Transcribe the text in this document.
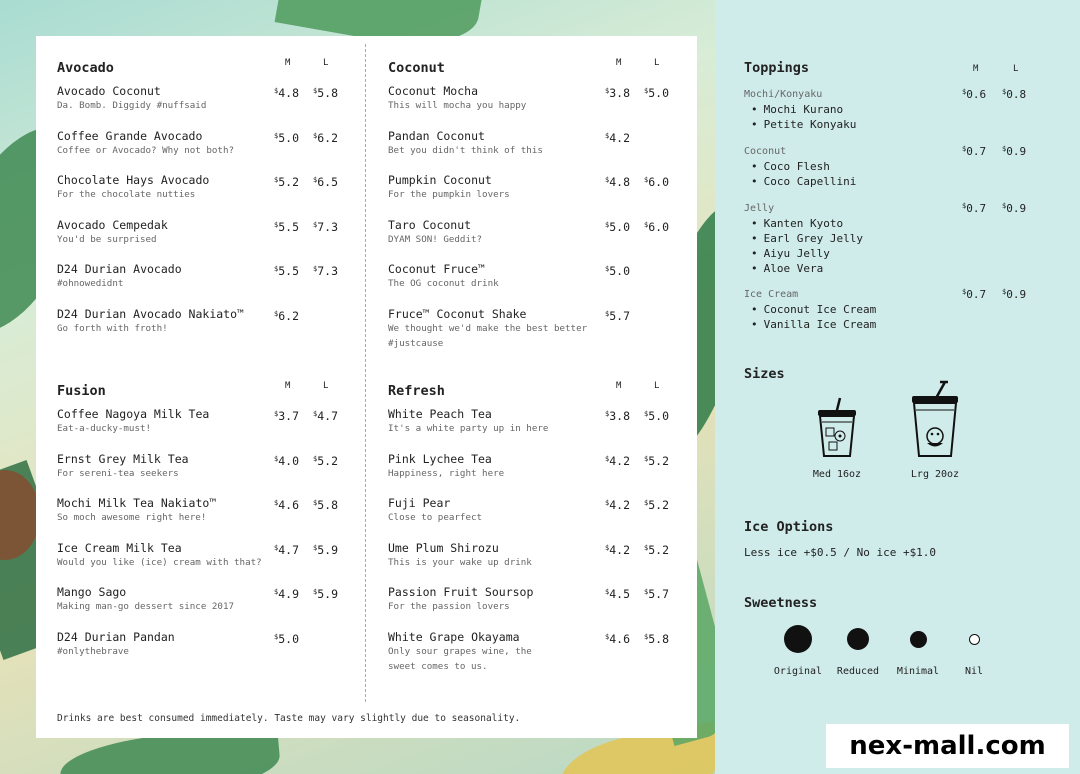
Avocado	M	L
Avocado Coconut
Da. Bomb. Diggidy #nuffsaid
$4.8 $5.8
Coffee Grande Avocado
Coffee or Avocado? Why not both?
$5.0 $6.2
Chocolate Hays Avocado
For the chocolate nutties
$5.2 $6.5
Avocado Cempedak
You'd be surprised
$5.5 $7.3
D24 Durian Avocado
#ohnowedidnt
$5.5 $7.3
D24 Durian Avocado Nakiato™
Go forth with froth!
$6.2
Coconut	M	L
Coconut Mocha
This will mocha you happy
$3.8 $5.0
Pandan Coconut
Bet you didn't think of this
$4.2
Pumpkin Coconut
For the pumpkin lovers
$4.8 $6.0
Taro Coconut
DYAM SON! Geddit?
$5.0 $6.0
Coconut Fruce™
The OG coconut drink
$5.0
Fruce™ Coconut Shake
We thought we'd make the best better
#justcause
$5.7
Fusion	M	L
Coffee Nagoya Milk Tea
Eat-a-ducky-must!
$3.7 $4.7
Ernst Grey Milk Tea
For sereni-tea seekers
$4.0 $5.2
Mochi Milk Tea Nakiato™
So moch awesome right here!
$4.6 $5.8
Ice Cream Milk Tea
Would you like (ice) cream with that?
$4.7 $5.9
Mango Sago
Making man-go dessert since 2017
$4.9 $5.9
D24 Durian Pandan
#onlythebrave
$5.0
Refresh	M	L
White Peach Tea
It's a white party up in here
$3.8 $5.0
Pink Lychee Tea
Happiness, right here
$4.2 $5.2
Fuji Pear
Close to pearfect
$4.2 $5.2
Ume Plum Shirozu
This is your wake up drink
$4.2 $5.2
Passion Fruit Soursop
For the passion lovers
$4.5 $5.7
White Grape Okayama
Only sour grapes wine, the
sweet comes to us.
$4.6 $5.8
Drinks are best consumed immediately. Taste may vary slightly due to seasonality.
Toppings	M	L
Mochi/Konyaku
• Mochi Kurano
• Petite Konyaku
$0.6 $0.8
Coconut
• Coco Flesh
• Coco Capellini
$0.7 $0.9
Jelly
• Kanten Kyoto
• Earl Grey Jelly
• Aiyu Jelly
• Aloe Vera
$0.7 $0.9
Ice Cream
• Coconut Ice Cream
• Vanilla Ice Cream
$0.7 $0.9
Sizes
Med 16oz	Lrg 20oz
Ice Options
Less ice +$0.5 / No ice +$1.0
Sweetness
Original	Reduced	Minimal	Nil
nex-mall.com
